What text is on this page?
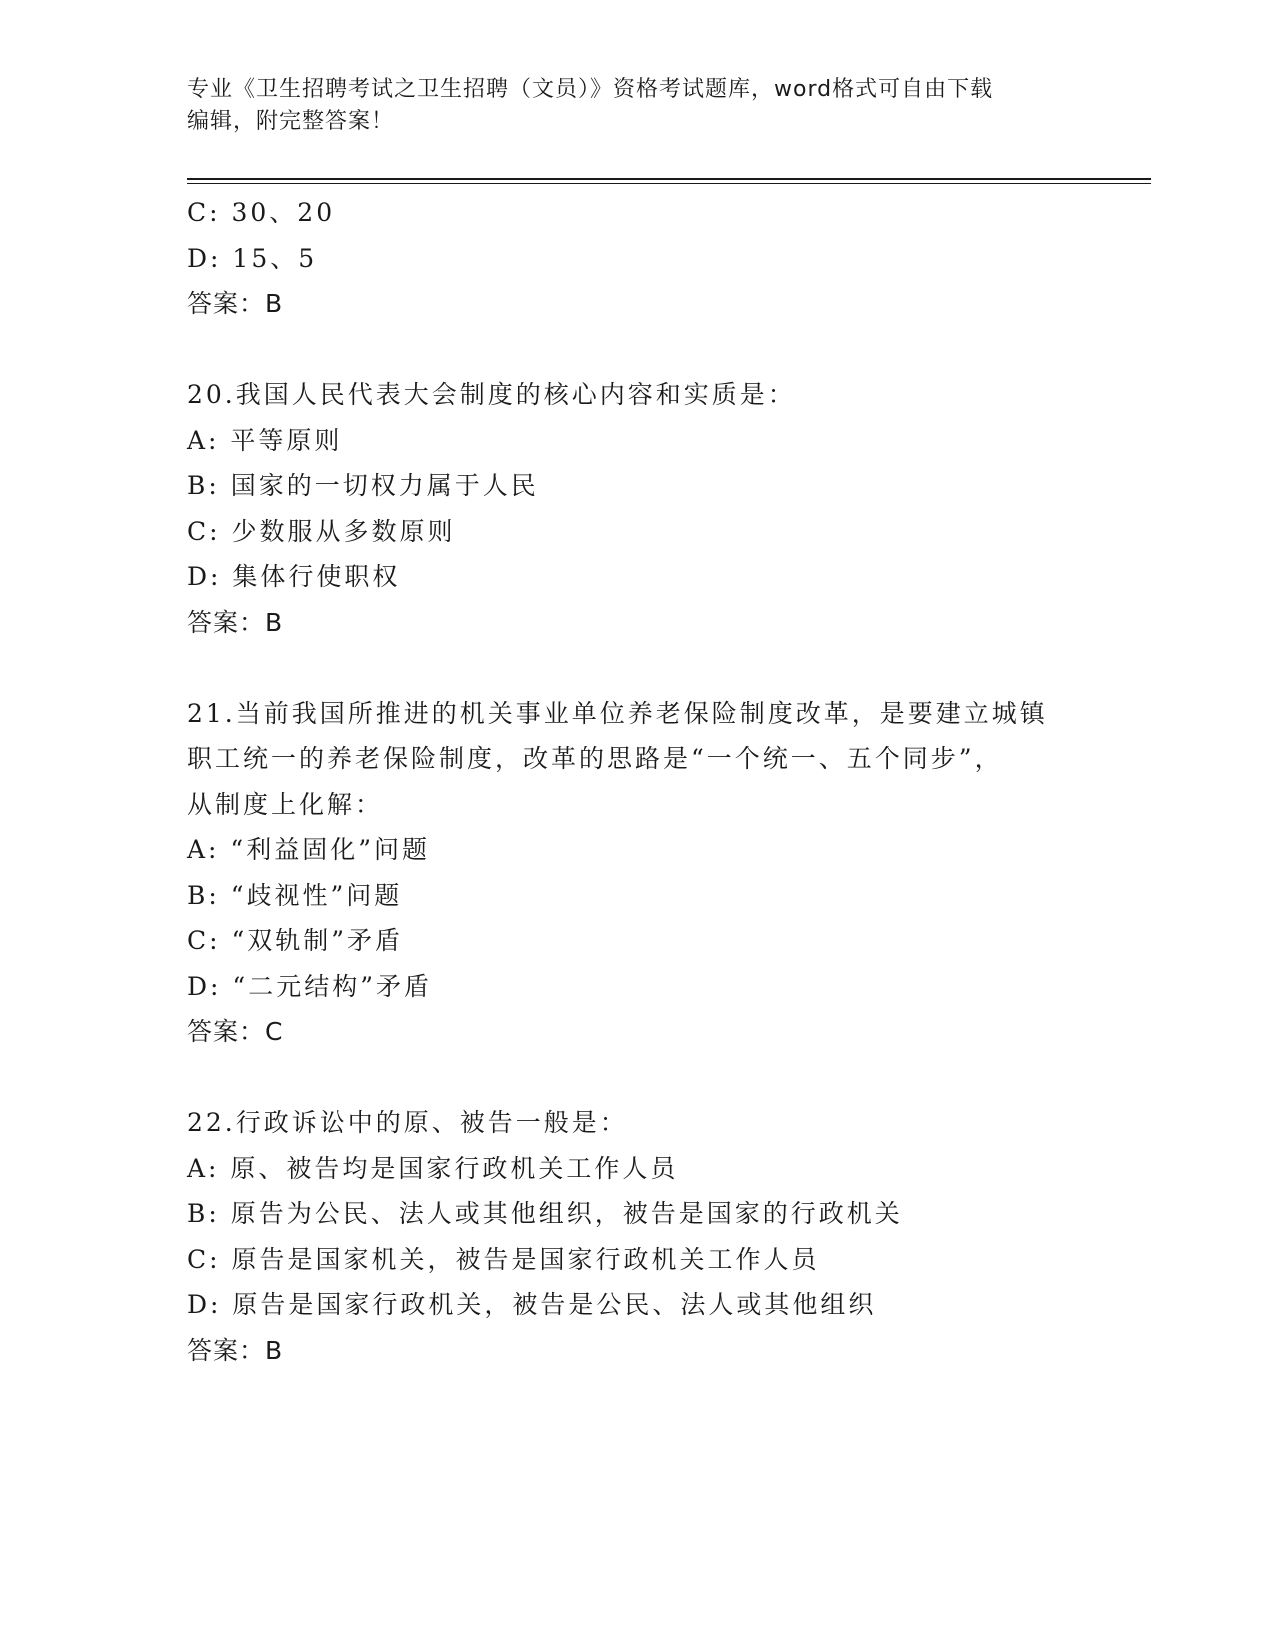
专业《卫生招聘考试之卫生招聘（文员）》资格考试题库，word格式可自由下载
编辑，附完整答案！
C: 30、20
D: 15、5
答案：B
20.我国人民代表大会制度的核心内容和实质是：
A: 平等原则
B: 国家的一切权力属于人民
C: 少数服从多数原则
D: 集体行使职权
答案：B
21.当前我国所推进的机关事业单位养老保险制度改革，是要建立城镇
职工统一的养老保险制度，改革的思路是“一个统一、五个同步”，
从制度上化解：
A: “利益固化”问题
B: “歧视性”问题
C: “双轨制”矛盾
D: “二元结构”矛盾
答案：C
22.行政诉讼中的原、被告一般是：
A: 原、被告均是国家行政机关工作人员
B: 原告为公民、法人或其他组织，被告是国家的行政机关
C: 原告是国家机关，被告是国家行政机关工作人员
D: 原告是国家行政机关，被告是公民、法人或其他组织
答案：B
